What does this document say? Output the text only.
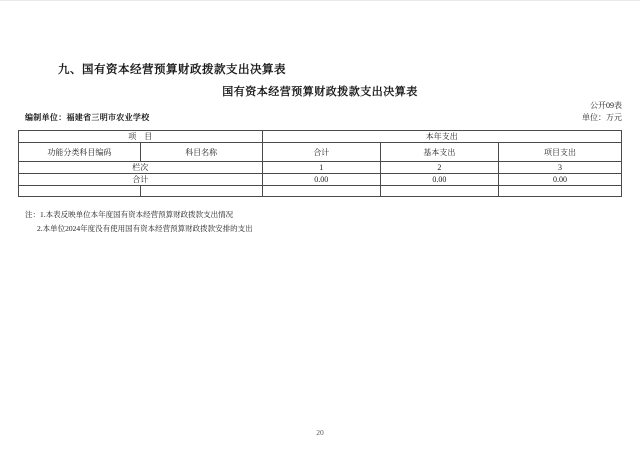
九、国有资本经营预算财政拨款支出决算表
国有资本经营预算财政拨款支出决算表
公开09表
编制单位：福建省三明市农业学校	单位：万元
项　目		本年支出		
功能分类科目编码	科目名称	合计	基本支出	项目支出
栏次		1	2	3
合计		0.00	0.00	0.00

注：1.本表反映单位本年度国有资本经营预算财政拨款支出情况
2.本单位2024年度没有使用国有资本经营预算财政拨款安排的支出
20
